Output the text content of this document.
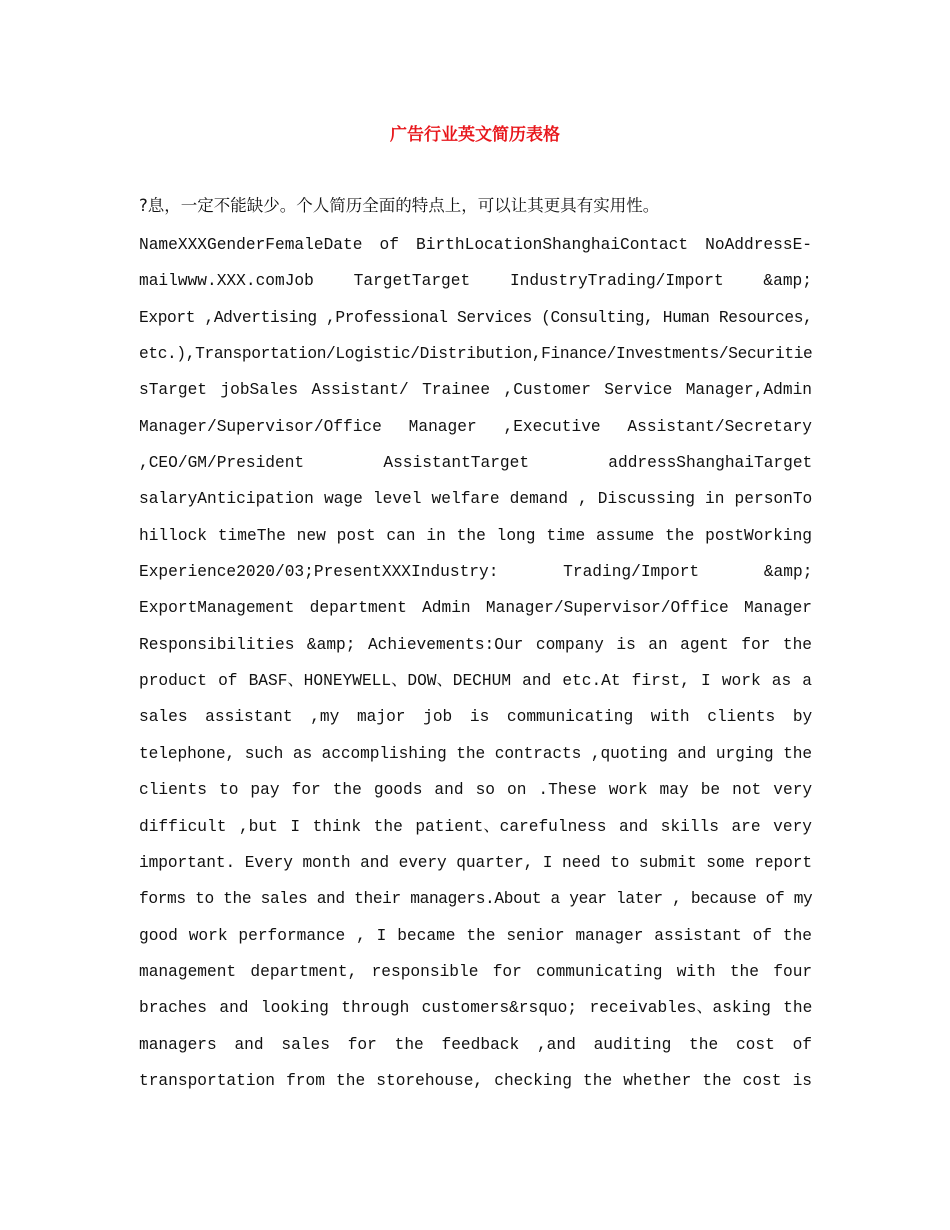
广告行业英文简历表格
?息，一定不能缺少。个人简历全面的特点上，可以让其更具有实用性。
NameXXXGenderFemaleDate of BirthLocationShanghaiContact NoAddressE-
mailwww.XXX.comJob TargetTarget IndustryTrading/Import &amp;
Export ,Advertising ,Professional Services (Consulting, Human Resources,
etc.),Transportation/Logistic/Distribution,Finance/Investments/Securitie
sTarget jobSales Assistant/ Trainee ,Customer Service Manager,Admin
Manager/Supervisor/Office Manager ,Executive Assistant/Secretary
,CEO/GM/President AssistantTarget addressShanghaiTarget
salaryAnticipation wage level welfare demand , Discussing in personTo
hillock timeThe new post can in the long time assume the postWorking
Experience2020/03;PresentXXXIndustry: Trading/Import &amp;
ExportManagement department Admin Manager/Supervisor/Office Manager
Responsibilities &amp; Achievements:Our company is an agent for the
product of BASF、HONEYWELL、DOW、DECHUM and etc.At first, I work as a
sales assistant ,my major job is communicating with clients by
telephone, such as accomplishing the contracts ,quoting and urging the
clients to pay for the goods and so on .These work may be not very
difficult ,but I think the patient、carefulness and skills are very
important. Every month and every quarter, I need to submit some report
forms to the sales and their managers.About a year later , because of my
good work performance , I became the senior manager assistant of the
management department, responsible for communicating with the four
braches and looking through customers&rsquo; receivables、asking the
managers and sales for the feedback ,and auditing the cost of
transportation from the storehouse, checking the whether the cost is
